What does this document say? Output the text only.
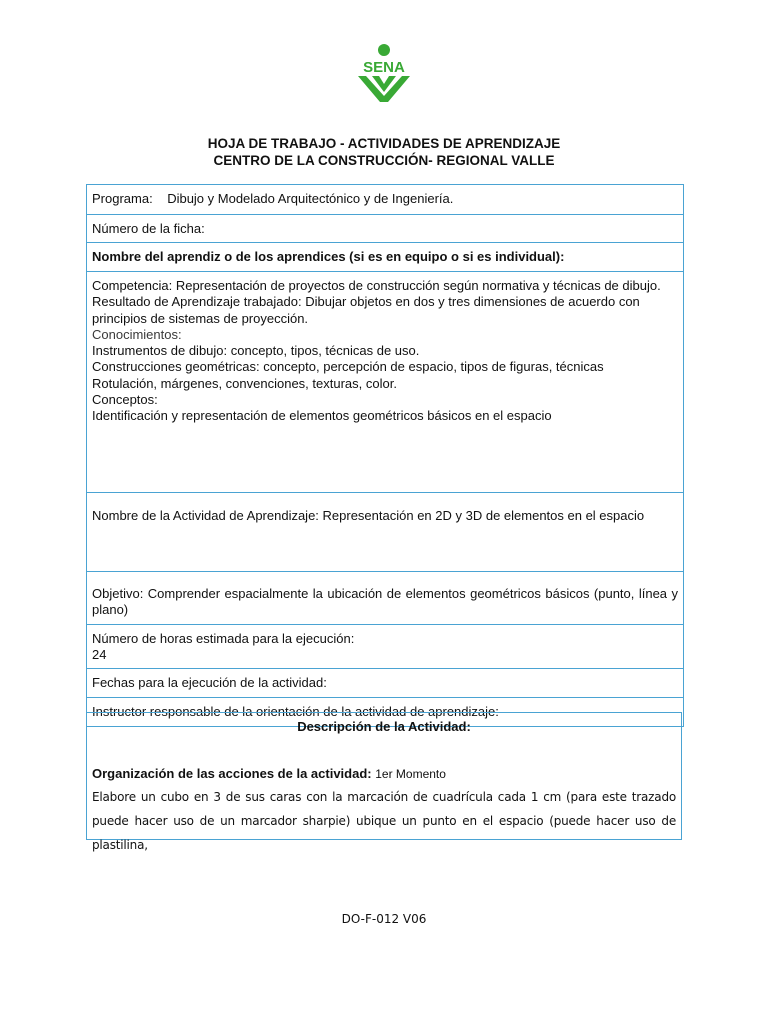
SENA
HOJA DE TRABAJO - ACTIVIDADES DE APRENDIZAJE
CENTRO DE LA CONSTRUCCIÓN- REGIONAL VALLE
Programa: Dibujo y Modelado Arquitectónico y de Ingeniería.
Número de la ficha:
Nombre del aprendiz o de los aprendices (si es en equipo o si es individual):
Competencia: Representación de proyectos de construcción según normativa y técnicas de dibujo.
Resultado de Aprendizaje trabajado: Dibujar objetos en dos y tres dimensiones de acuerdo con principios de sistemas de proyección.
Conocimientos:
Instrumentos de dibujo: concepto, tipos, técnicas de uso.
Construcciones geométricas: concepto, percepción de espacio, tipos de figuras, técnicas
Rotulación, márgenes, convenciones, texturas, color.
Conceptos:
Identificación y representación de elementos geométricos básicos en el espacio
Nombre de la Actividad de Aprendizaje: Representación en 2D y 3D de elementos en el espacio
Objetivo: Comprender espacialmente la ubicación de elementos geométricos básicos (punto, línea y plano)
Número de horas estimada para la ejecución:
24
Fechas para la ejecución de la actividad:
Instructor responsable de la orientación de la actividad de aprendizaje:
Descripción de la Actividad:
Organización de las acciones de la actividad: 1er Momento
Elabore un cubo en 3 de sus caras con la marcación de cuadrícula cada 1 cm (para este trazado puede hacer uso de un marcador sharpie) ubique un punto en el espacio (puede hacer uso de plastilina,
DO-F-012 V06
